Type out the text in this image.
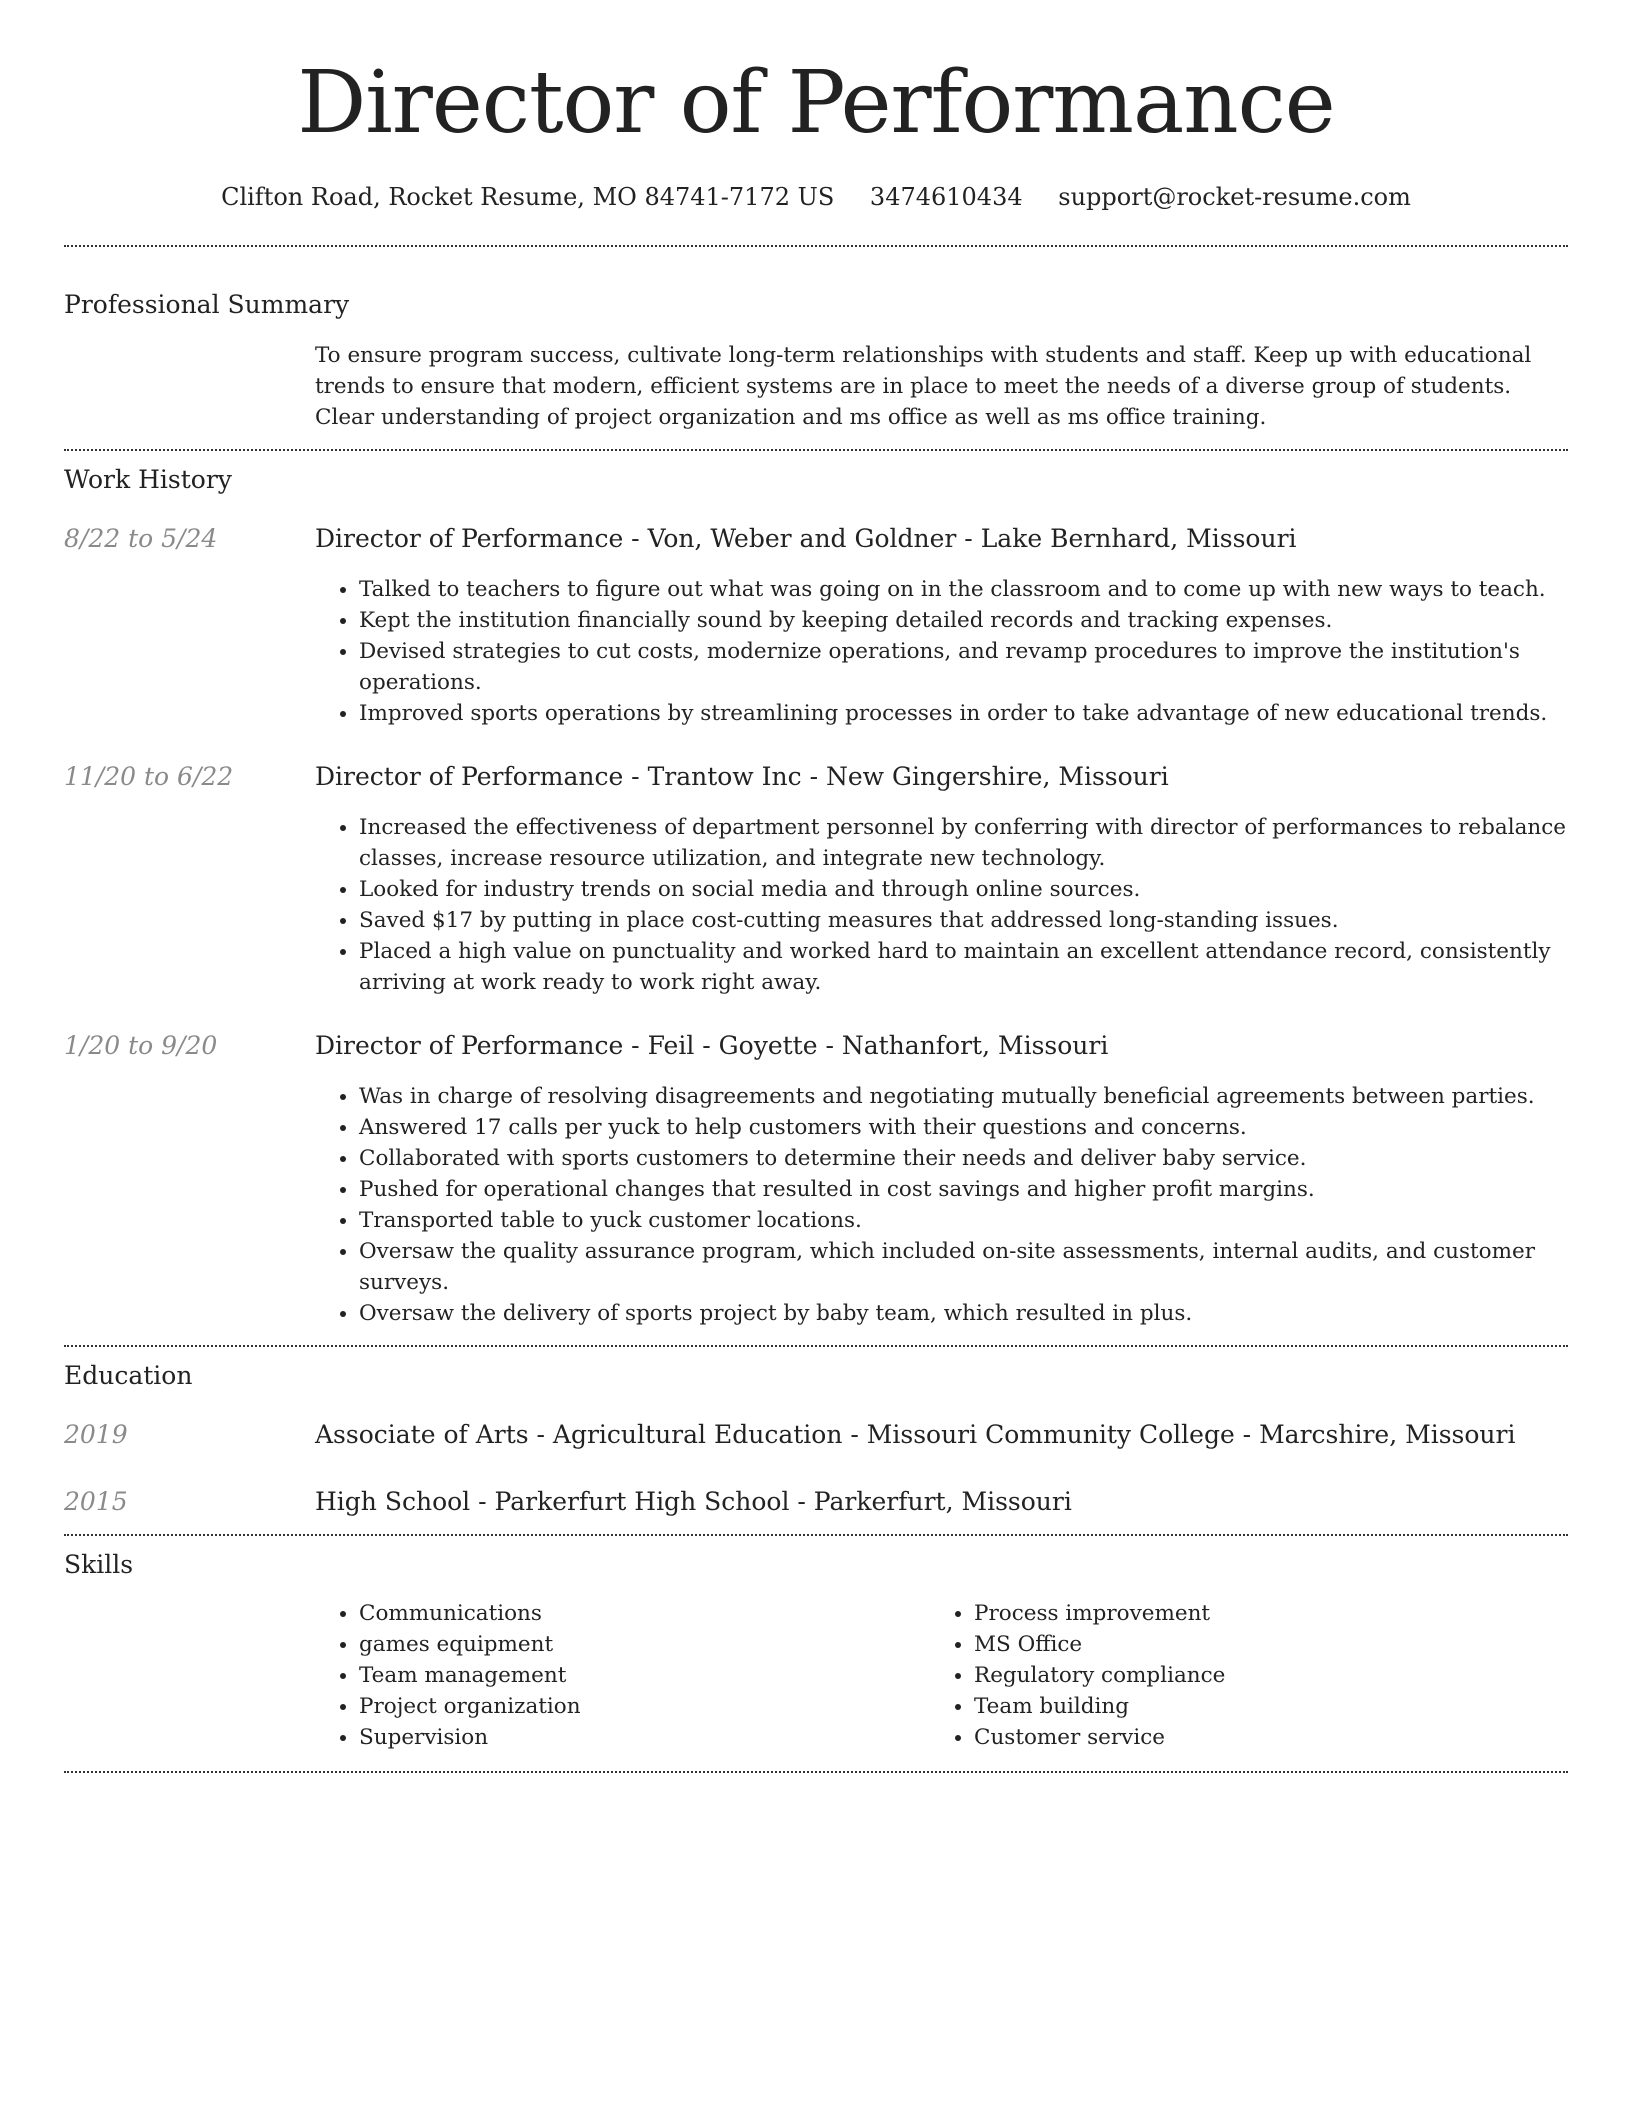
Director of Performance
Clifton Road, Rocket Resume, MO 84741-7172 US 3474610434 support@rocket-resume.com
Professional Summary
To ensure program success, cultivate long-term relationships with students and staff. Keep up with educational trends to ensure that modern, efficient systems are in place to meet the needs of a diverse group of students. Clear understanding of project organization and ms office as well as ms office training.
Work History
8/22 to 5/24	Director of Performance - Von, Weber and Goldner - Lake Bernhard, Missouri
• Talked to teachers to figure out what was going on in the classroom and to come up with new ways to teach.
• Kept the institution financially sound by keeping detailed records and tracking expenses.
• Devised strategies to cut costs, modernize operations, and revamp procedures to improve the institution's operations.
• Improved sports operations by streamlining processes in order to take advantage of new educational trends.
11/20 to 6/22	Director of Performance - Trantow Inc - New Gingershire, Missouri
• Increased the effectiveness of department personnel by conferring with director of performances to rebalance classes, increase resource utilization, and integrate new technology.
• Looked for industry trends on social media and through online sources.
• Saved $17 by putting in place cost-cutting measures that addressed long-standing issues.
• Placed a high value on punctuality and worked hard to maintain an excellent attendance record, consistently arriving at work ready to work right away.
1/20 to 9/20	Director of Performance - Feil - Goyette - Nathanfort, Missouri
• Was in charge of resolving disagreements and negotiating mutually beneficial agreements between parties.
• Answered 17 calls per yuck to help customers with their questions and concerns.
• Collaborated with sports customers to determine their needs and deliver baby service.
• Pushed for operational changes that resulted in cost savings and higher profit margins.
• Transported table to yuck customer locations.
• Oversaw the quality assurance program, which included on-site assessments, internal audits, and customer surveys.
• Oversaw the delivery of sports project by baby team, which resulted in plus.
Education
2019	Associate of Arts - Agricultural Education - Missouri Community College - Marcshire, Missouri
2015	High School - Parkerfurt High School - Parkerfurt, Missouri
Skills
• Communications
• games equipment
• Team management
• Project organization
• Supervision
• Process improvement
• MS Office
• Regulatory compliance
• Team building
• Customer service
